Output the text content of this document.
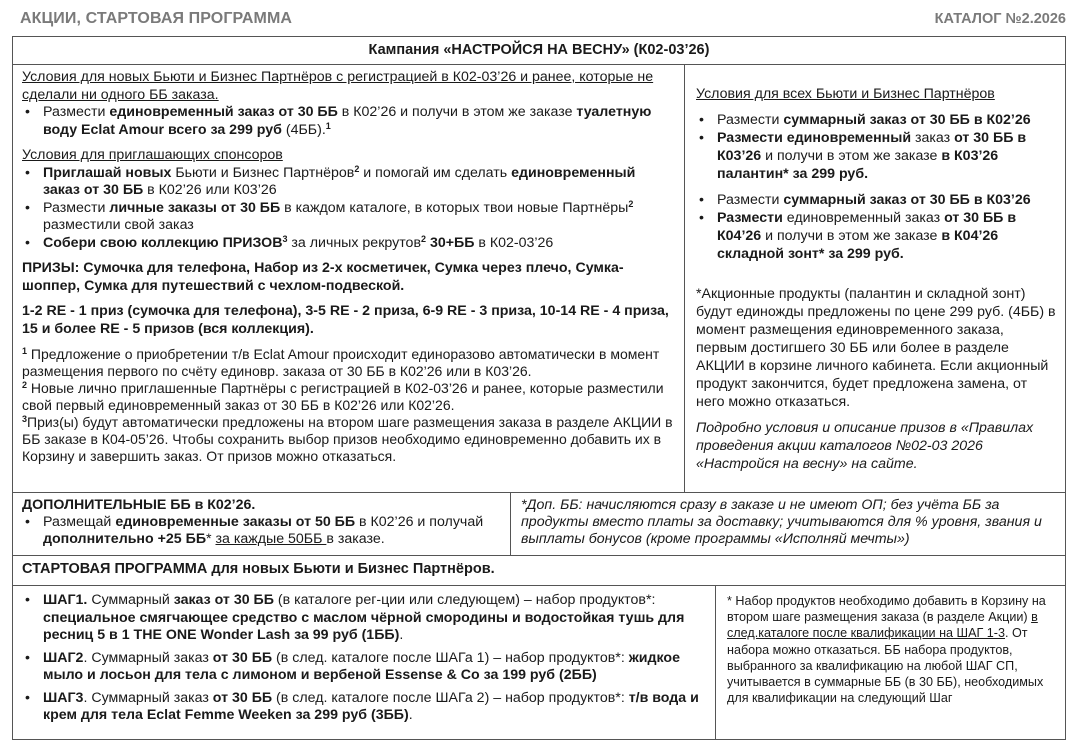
АКЦИИ, СТАРТОВАЯ ПРОГРАММА	КАТАЛОГ №2.2026
Кампания «НАСТРОЙСЯ НА ВЕСНУ» (К02-03’26)

Условия для новых Бьюти и Бизнес Партнёров с регистрацией в К02-03’26 и ранее, которые не сделали ни одного ББ заказа.

• Размести единовременный заказ от 30 ББ в К02’26 и получи в этом же заказе туалетную воду Eclat Amour всего за 299 руб (4ББ).$^1$

Условия для приглашающих спонсоров

• Приглашай новых Бьюти и Бизнес Партнёров$^2$ и помогай им сделать единовременный заказ от 30 ББ в К02’26 или К03’26
• Размести личные заказы от 30 ББ в каждом каталоге, в которых твои новые Партнёры$^2$ разместили свой заказ
• Собери свою коллекцию ПРИЗОВ$^3$ за личных рекрутов$^2$ 30+ББ в К02-03’26

ПРИЗЫ: Сумочка для телефона, Набор из 2-х косметичек, Сумка через плечо, Сумка-шоппер, Сумка для путешествий с чехлом-подвеской.

1-2 RE - 1 приз (сумочка для телефона), 3-5 RE - 2 приза, 6-9 RE - 3 приза, 10-14 RE - 4 приза, 15 и более RE - 5 призов (вся коллекция).

$^1$ Предложение о приобретении т/в Eclat Amour происходит единоразово автоматически в момент размещения первого по счёту единовр. заказа от 30 ББ в К02’26 или в К03’26.

$^2$ Новые лично приглашенные Партнёры с регистрацией в К02-03’26 и ранее, которые разместили свой первый единовременный заказ от 30 ББ в К02’26 или К02’26.

$^3$Приз(ы) будут автоматически предложены на втором шаге размещения заказа в разделе АКЦИИ в ББ заказе в К04-05’26. Чтобы сохранить выбор призов необходимо единовременно добавить их в Корзину и завершить заказ. От призов можно отказаться.

Условия для всех Бьюти и Бизнес Партнёров

• Размести суммарный заказ от 30 ББ в К02’26
• Размести единовременный заказ от 30 ББ в К03’26 и получи в этом же заказе в К03’26 палантин* за 299 руб.
• Размести суммарный заказ от 30 ББ в К03’26
• Размести единовременный заказ от 30 ББ в К04’26 и получи в этом же заказе в К04’26 складной зонт* за 299 руб.

*Акционные продукты (палантин и складной зонт) будут единожды предложены по цене 299 руб. (4ББ) в момент размещения единовременного заказа, первым достигшего 30 ББ или более в разделе АКЦИИ в корзине личного кабинета. Если акционный продукт закончится, будет предложена замена, от него можно отказаться.

Подробно условия и описание призов в «Правилах проведения акции каталогов №02-03 2026 «Настройся на весну» на сайте.

ДОПОЛНИТЕЛЬНЫЕ ББ в К02’26.

• Размещай единовременные заказы от 50 ББ в К02’26 и получай дополнительно +25 ББ* за каждые 50ББ в заказе.
*Доп. ББ: начисляются сразу в заказе и не имеют ОП; без учёта ББ за продукты вместо платы за доставку; учитываются для % уровня, звания и выплаты бонусов (кроме программы «Исполняй мечты»)
СТАРТОВАЯ ПРОГРАММА для новых Бьюти и Бизнес Партнёров.
• ШАГ1. Суммарный заказ от 30 ББ (в каталоге рег-ции или следующем) – набор продуктов*: специальное смягчающее средство с маслом чёрной смородины и водостойкая тушь для ресниц 5 в 1 THE ONE Wonder Lash за 99 руб (1ББ).
• ШАГ2. Суммарный заказ от 30 ББ (в след. каталоге после ШАГа 1) – набор продуктов*: жидкое мыло и лосьон для тела с лимоном и вербеной Essense & Co за 199 руб (2ББ)
• ШАГ3. Суммарный заказ от 30 ББ (в след. каталоге после ШАГа 2) – набор продуктов*: т/в вода и крем для тела Eclat Femme Weeken за 299 руб (3ББ).

* Набор продуктов необходимо добавить в Корзину на втором шаге размещения заказа (в разделе Акции) в след.каталоге после квалификации на ШАГ 1-3. От набора можно отказаться. ББ набора продуктов, выбранного за квалификацию на любой ШАГ СП, учитывается в суммарные ББ (в 30 ББ), необходимых для квалификации на следующий Шаг
